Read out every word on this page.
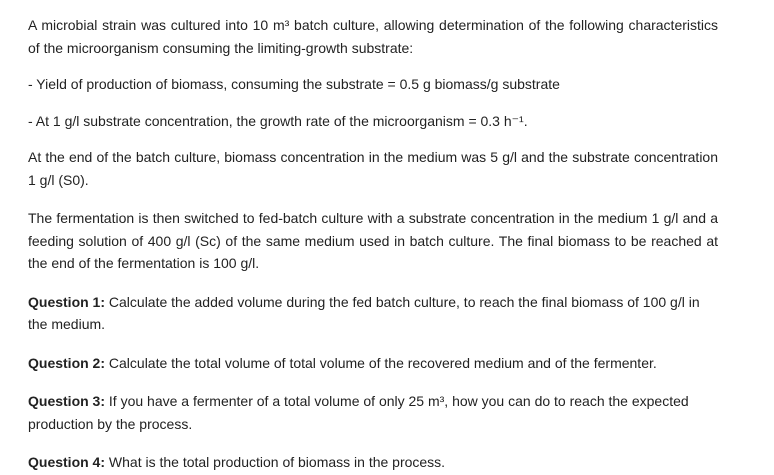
A microbial strain was cultured into 10 m³ batch culture, allowing determination of the following characteristics of the microorganism consuming the limiting-growth substrate:

- Yield of production of biomass, consuming the substrate = 0.5 g biomass/g substrate

- At 1 g/l substrate concentration, the growth rate of the microorganism = 0.3 h⁻¹.

At the end of the batch culture, biomass concentration in the medium was 5 g/l and the substrate concentration 1 g/l (S0).

The fermentation is then switched to fed-batch culture with a substrate concentration in the medium 1 g/l and a feeding solution of 400 g/l (Sc) of the same medium used in batch culture. The final biomass to be reached at the end of the fermentation is 100 g/l.

Question 1: Calculate the added volume during the fed batch culture, to reach the final biomass of 100 g/l in the medium.

Question 2: Calculate the total volume of total volume of the recovered medium and of the fermenter.

Question 3: If you have a fermenter of a total volume of only 25 m³, how you can do to reach the expected production by the process.

Question 4: What is the total production of biomass in the process.
